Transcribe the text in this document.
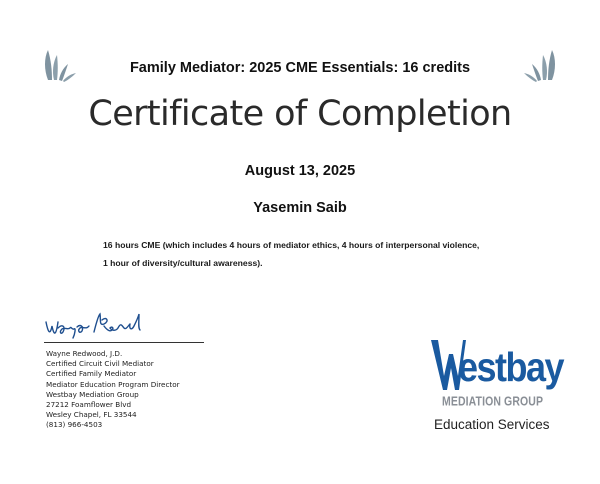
Family Mediator: 2025 CME Essentials: 16 credits
Certificate of Completion
August 13, 2025
Yasemin Saib
16 hours CME (which includes 4 hours of mediator ethics, 4 hours of interpersonal violence,
1 hour of diversity/cultural awareness).
Wayne Redwood, J.D.
Certified Circuit Civil Mediator
Certified Family Mediator
Mediator Education Program Director
Westbay Mediation Group
27212 Foamflower Blvd
Wesley Chapel, FL 33544
(813) 966-4503
estbay
MEDIATION GROUP
Education Services
